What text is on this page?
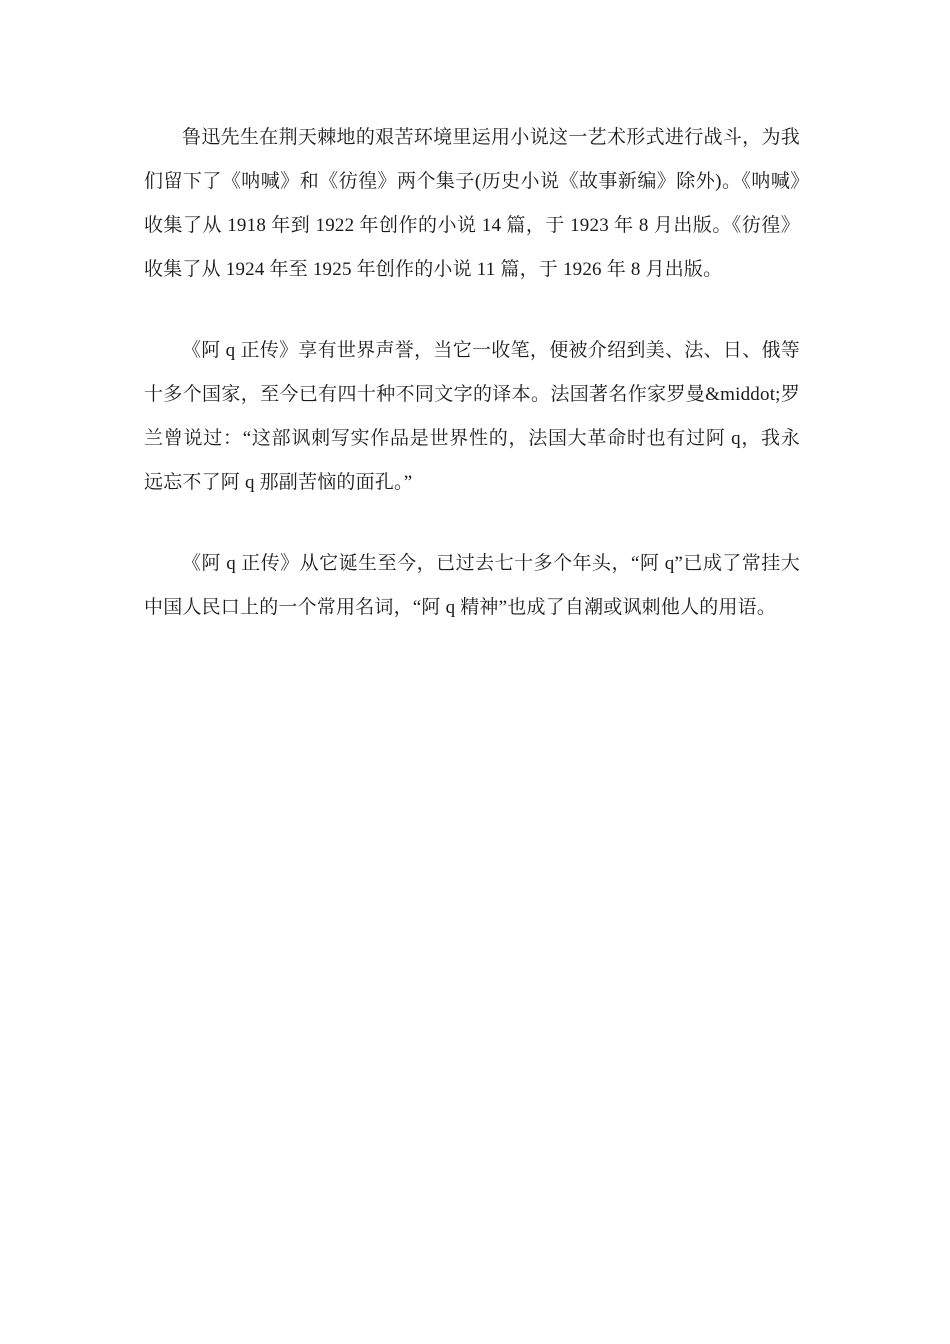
鲁迅先生在荆天棘地的艰苦环境里运用小说这一艺术形式进行战斗，为我们留下了《呐喊》和《彷徨》两个集子(历史小说《故事新编》除外)。《呐喊》收集了从 1918 年到 1922 年创作的小说 14 篇，于 1923 年 8 月出版。《彷徨》收集了从 1924 年至 1925 年创作的小说 11 篇，于 1926 年 8 月出版。

《阿 q 正传》享有世界声誉，当它一收笔，便被介绍到美、法、日、俄等十多个国家，至今已有四十种不同文字的译本。法国著名作家罗曼&middot;罗兰曾说过：“这部讽刺写实作品是世界性的，法国大革命时也有过阿 q，我永远忘不了阿 q 那副苦恼的面孔。”

《阿 q 正传》从它诞生至今，已过去七十多个年头，“阿 q”已成了常挂大中国人民口上的一个常用名词，“阿 q 精神”也成了自潮或讽刺他人的用语。
